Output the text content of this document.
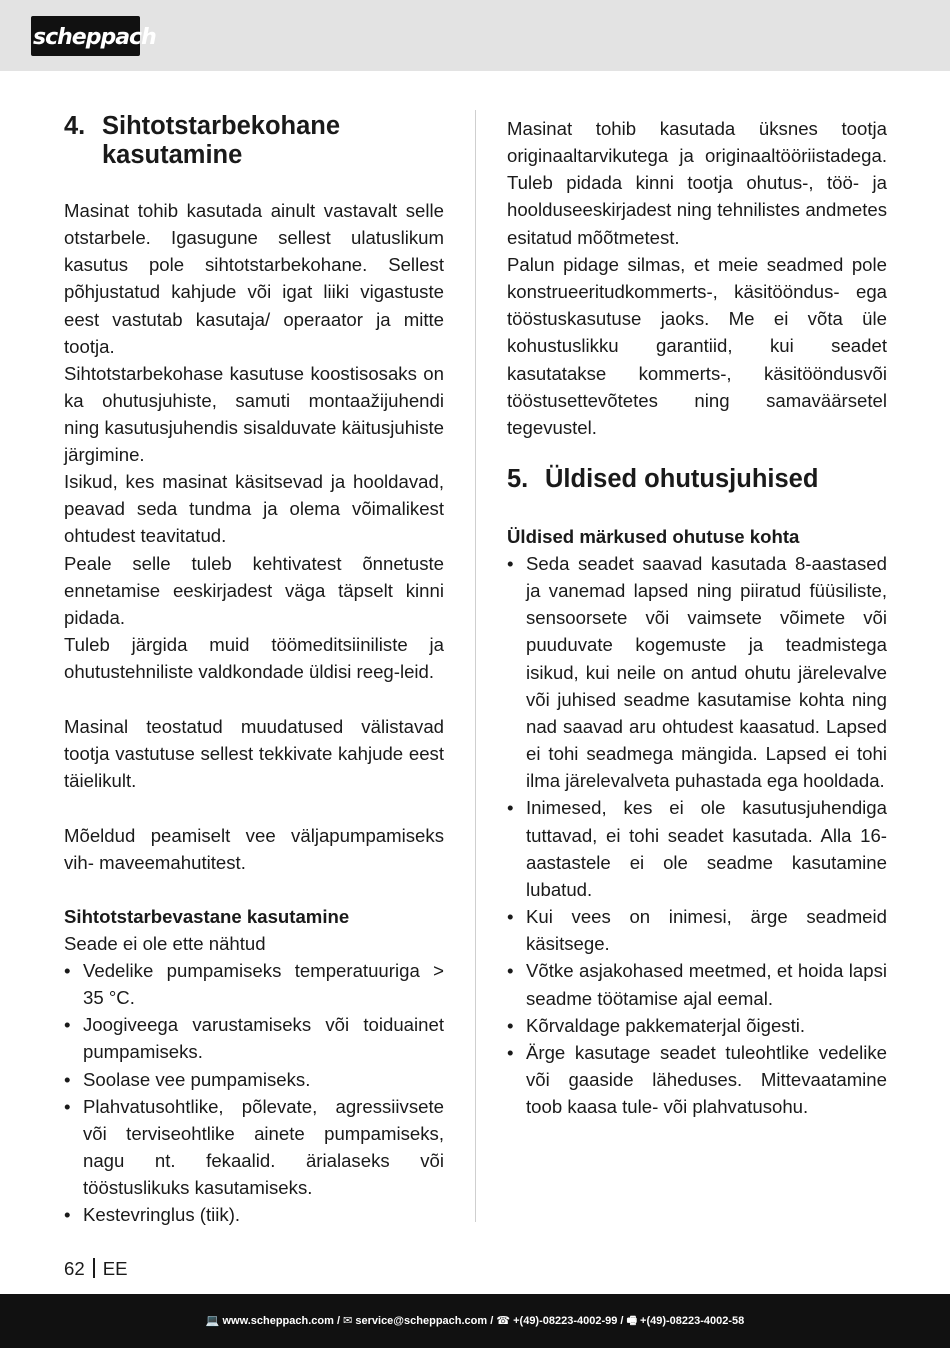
scheppach
4. Sihtotstarbekohane kasutamine

Masinat tohib kasutada ainult vastavalt selle otstarbele. Igasugune sellest ulatuslikum kasutus pole sihtotstarbekohane. Sellest põhjustatud kahjude või igat liiki vigastuste eest vastutab kasutaja/ operaator ja mitte tootja.

Sihtotstarbekohase kasutuse koostisosaks on ka ohutusjuhiste, samuti montaažijuhendi ning kasutusjuhendis sisalduvate käitusjuhiste järgimine.

Isikud, kes masinat käsitsevad ja hooldavad, peavad seda tundma ja olema võimalikest ohtudest teavitatud.

Peale selle tuleb kehtivatest õnnetuste ennetamise eeskirjadest väga täpselt kinni pidada.

Tuleb järgida muid töömeditsiiniliste ja ohutustehniliste valdkondade üldisi reeg-leid.

Masinal teostatud muudatused välistavad tootja vastutuse sellest tekkivate kahjude eest täielikult.

Mõeldud peamiselt vee väljapumpamiseks vih- maveemahutitest.

Sihtotstarbevastane kasutamine

Seade ei ole ette nähtud

• Vedelike pumpamiseks temperatuuriga > 35 °C.
• Joogiveega varustamiseks või toiduainet pumpamiseks.
• Soolase vee pumpamiseks.
• Plahvatusohtlike, põlevate, agressiivsete või terviseohtlike ainete pumpamiseks, nagu nt. fekaalid. ärialaseks või tööstuslikuks kasutamiseks.
• Kestevringlus (tiik).

Masinat tohib kasutada üksnes tootja originaaltarvikutega ja originaaltööriistadega. Tuleb pidada kinni tootja ohutus-, töö- ja hoolduseeskirjadest ning tehnilistes andmetes esitatud mõõtmetest.

Palun pidage silmas, et meie seadmed pole konstrueeritudkommerts-, käsitööndus- ega tööstuskasutuse jaoks. Me ei võta üle kohustuslikku garantiid, kui seadet kasutatakse kommerts-, käsitööndusvõi tööstusettevõtetes ning samaväärsetel tegevustel.

5. Üldised ohutusjuhised
Üldised märkused ohutuse kohta
• Seda seadet saavad kasutada 8-aastased ja vanemad lapsed ning piiratud füüsiliste, sensoorsete või vaimsete võimete või puuduvate kogemuste ja teadmistega isikud, kui neile on antud ohutu järelevalve või juhised seadme kasutamise kohta ning nad saavad aru ohtudest kaasatud. Lapsed ei tohi seadmega mängida. Lapsed ei tohi ilma järelevalveta puhastada ega hooldada.
• Inimesed, kes ei ole kasutusjuhendiga tuttavad, ei tohi seadet kasutada. Alla 16-aastastele ei ole seadme kasutamine lubatud.
• Kui vees on inimesi, ärge seadmeid käsitsege.
• Võtke asjakohased meetmed, et hoida lapsi seadme töötamise ajal eemal.
• Kõrvaldage pakkematerjal õigesti.
• Ärge kasutage seadet tuleohtlike vedelike või gaaside läheduses. Mittevaatamine toob kaasa tule- või plahvatusohu.
62 EE
💻 www.scheppach.com / ✉ service@scheppach.com / ☎ +(49)-08223-4002-99 / 🖷 +(49)-08223-4002-58
